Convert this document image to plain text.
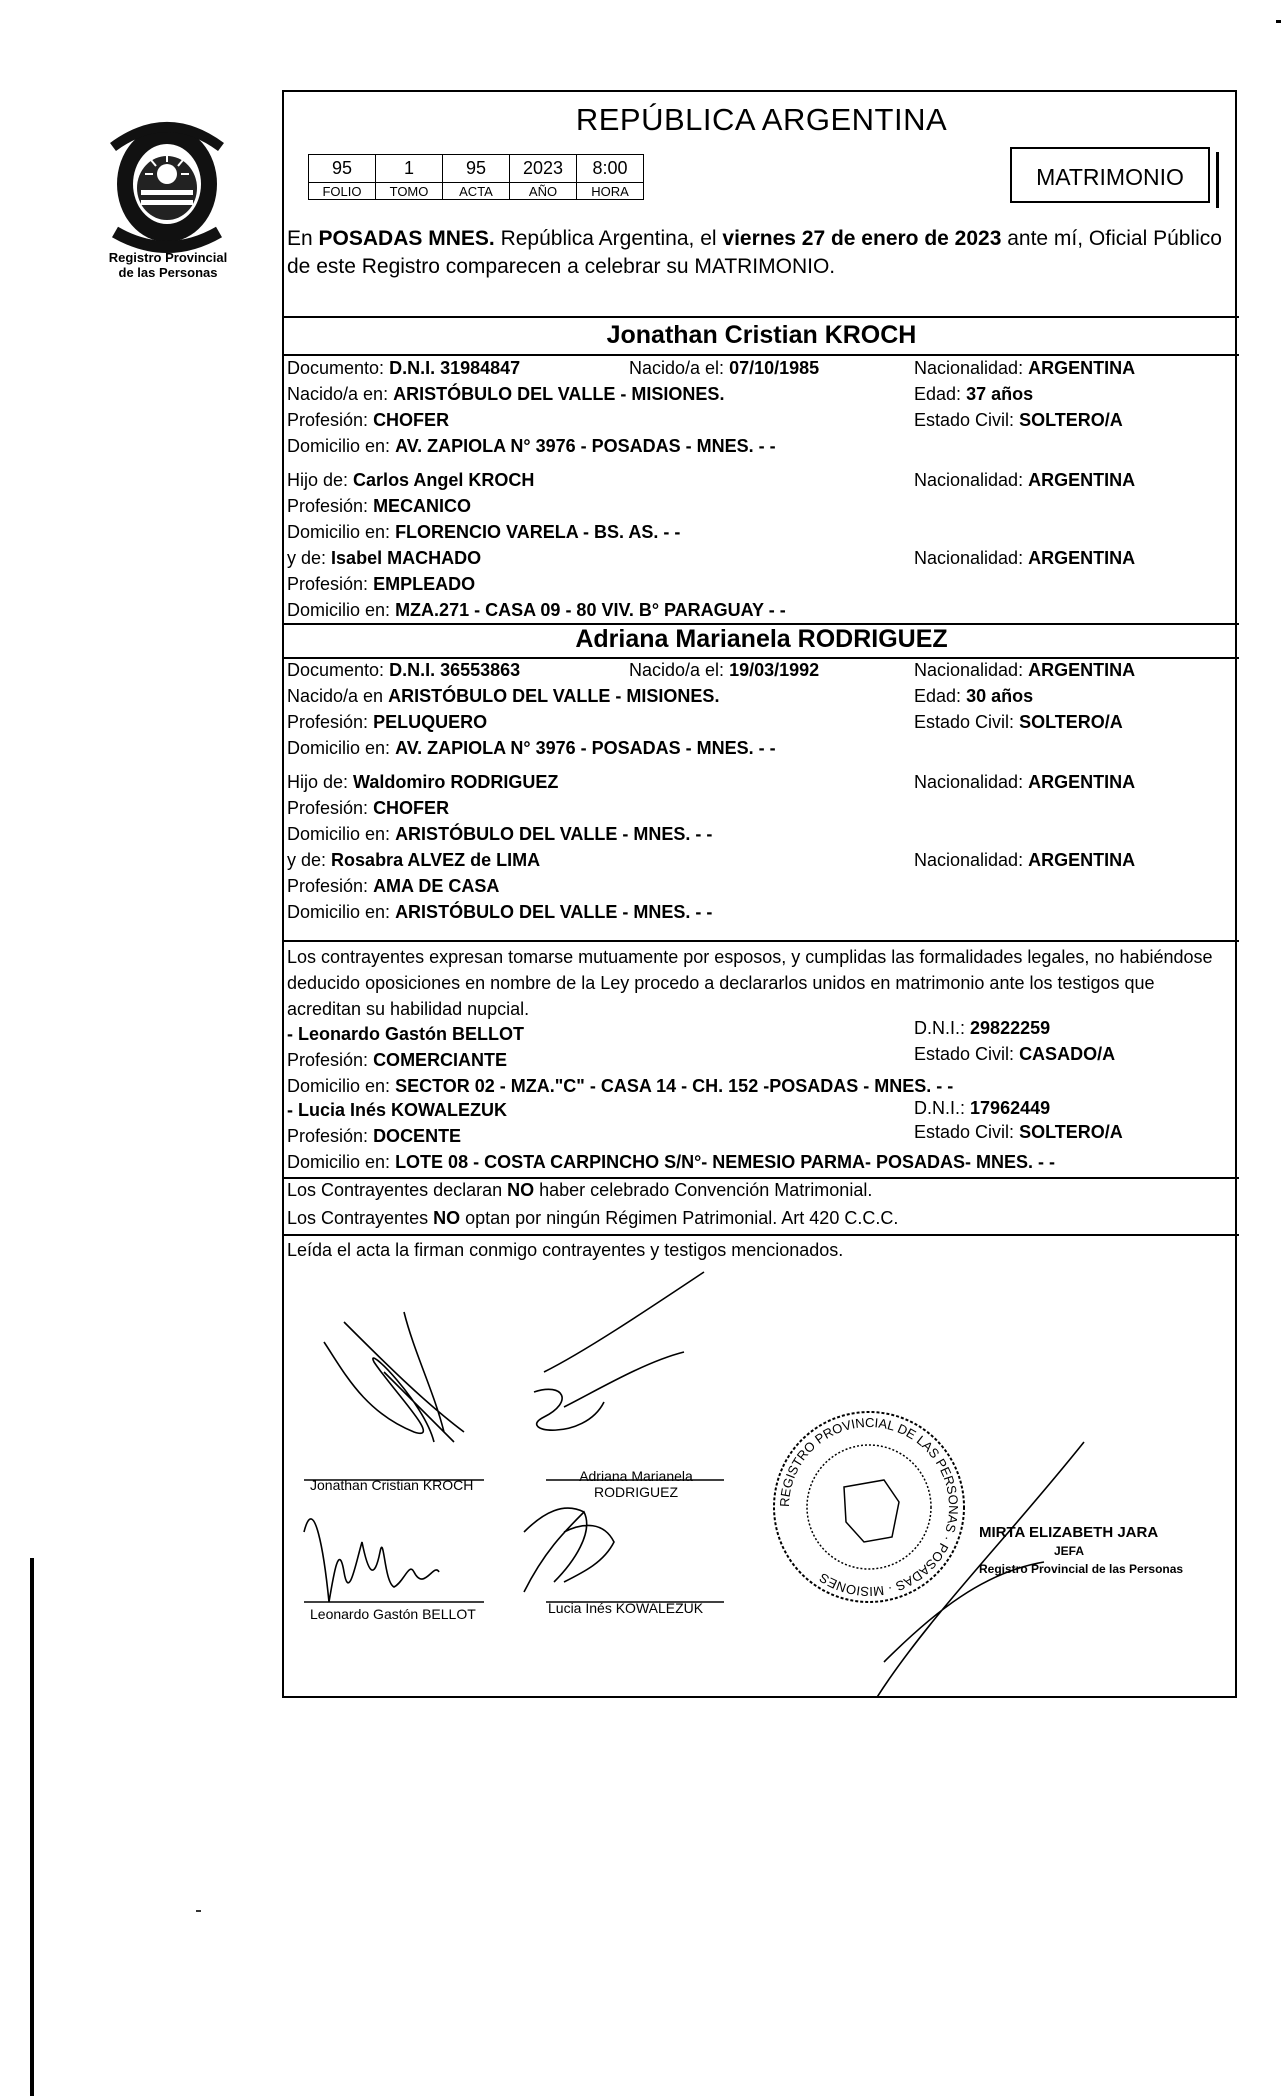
Registro Provincial
de las Personas
REPÚBLICA ARGENTINA
95	1	95	2023	8:00
FOLIO	TOMO	ACTA	AÑO	HORA
MATRIMONIO
En POSADAS MNES. República Argentina, el viernes 27 de enero de 2023 ante mí, Oficial Público de este Registro comparecen a celebrar su MATRIMONIO.
Jonathan Cristian KROCH
Documento: D.N.I. 31984847	Nacido/a el: 07/10/1985	Nacionalidad: ARGENTINA
Nacido/a en: ARISTÓBULO DEL VALLE - MISIONES.	Edad: 37 años
Profesión: CHOFER	Estado Civil: SOLTERO/A
Domicilio en: AV. ZAPIOLA N° 3976 - POSADAS - MNES. - -
Hijo de: Carlos Angel KROCH	Nacionalidad: ARGENTINA
Profesión: MECANICO
Domicilio en: FLORENCIO VARELA - BS. AS. - -
y de: Isabel MACHADO	Nacionalidad: ARGENTINA
Profesión: EMPLEADO
Domicilio en: MZA.271 - CASA 09 - 80 VIV. B° PARAGUAY - -
Adriana Marianela RODRIGUEZ
Documento: D.N.I. 36553863	Nacido/a el: 19/03/1992	Nacionalidad: ARGENTINA
Nacido/a en ARISTÓBULO DEL VALLE - MISIONES.	Edad: 30 años
Profesión: PELUQUERO	Estado Civil: SOLTERO/A
Domicilio en: AV. ZAPIOLA N° 3976 - POSADAS - MNES. - -
Hijo de: Waldomiro RODRIGUEZ	Nacionalidad: ARGENTINA
Profesión: CHOFER
Domicilio en: ARISTÓBULO DEL VALLE - MNES. - -
y de: Rosabra ALVEZ de LIMA	Nacionalidad: ARGENTINA
Profesión: AMA DE CASA
Domicilio en: ARISTÓBULO DEL VALLE - MNES. - -
Los contrayentes expresan tomarse mutuamente por esposos, y cumplidas las formalidades legales, no habiéndose deducido oposiciones en nombre de la Ley procedo a declararlos unidos en matrimonio ante los testigos que acreditan su habilidad nupcial.
- Leonardo Gastón BELLOT	D.N.I.: 29822259
Profesión: COMERCIANTE	Estado Civil: CASADO/A
Domicilio en: SECTOR 02 - MZA."C" - CASA 14 - CH. 152 -POSADAS - MNES. - -
- Lucia Inés KOWALEZUK	D.N.I.: 17962449
Profesión: DOCENTE	Estado Civil: SOLTERO/A
Domicilio en: LOTE 08 - COSTA CARPINCHO S/N°- NEMESIO PARMA- POSADAS- MNES. - -
Los Contrayentes declaran NO haber celebrado Convención Matrimonial.
Los Contrayentes NO optan por ningún Régimen Patrimonial. Art 420 C.C.C.
Leída el acta la firman conmigo contrayentes y testigos mencionados.
Jonathan Cristian KROCH
Adriana Marianela
RODRIGUEZ
Leonardo Gastón BELLOT	Lucia Inés KOWALEZUK
REGISTRO PROVINCIAL DE LAS PERSONAS · POSADAS · MISIONES
MIRTA ELIZABETH JARA
JEFA
Registro Provincial de las Personas
